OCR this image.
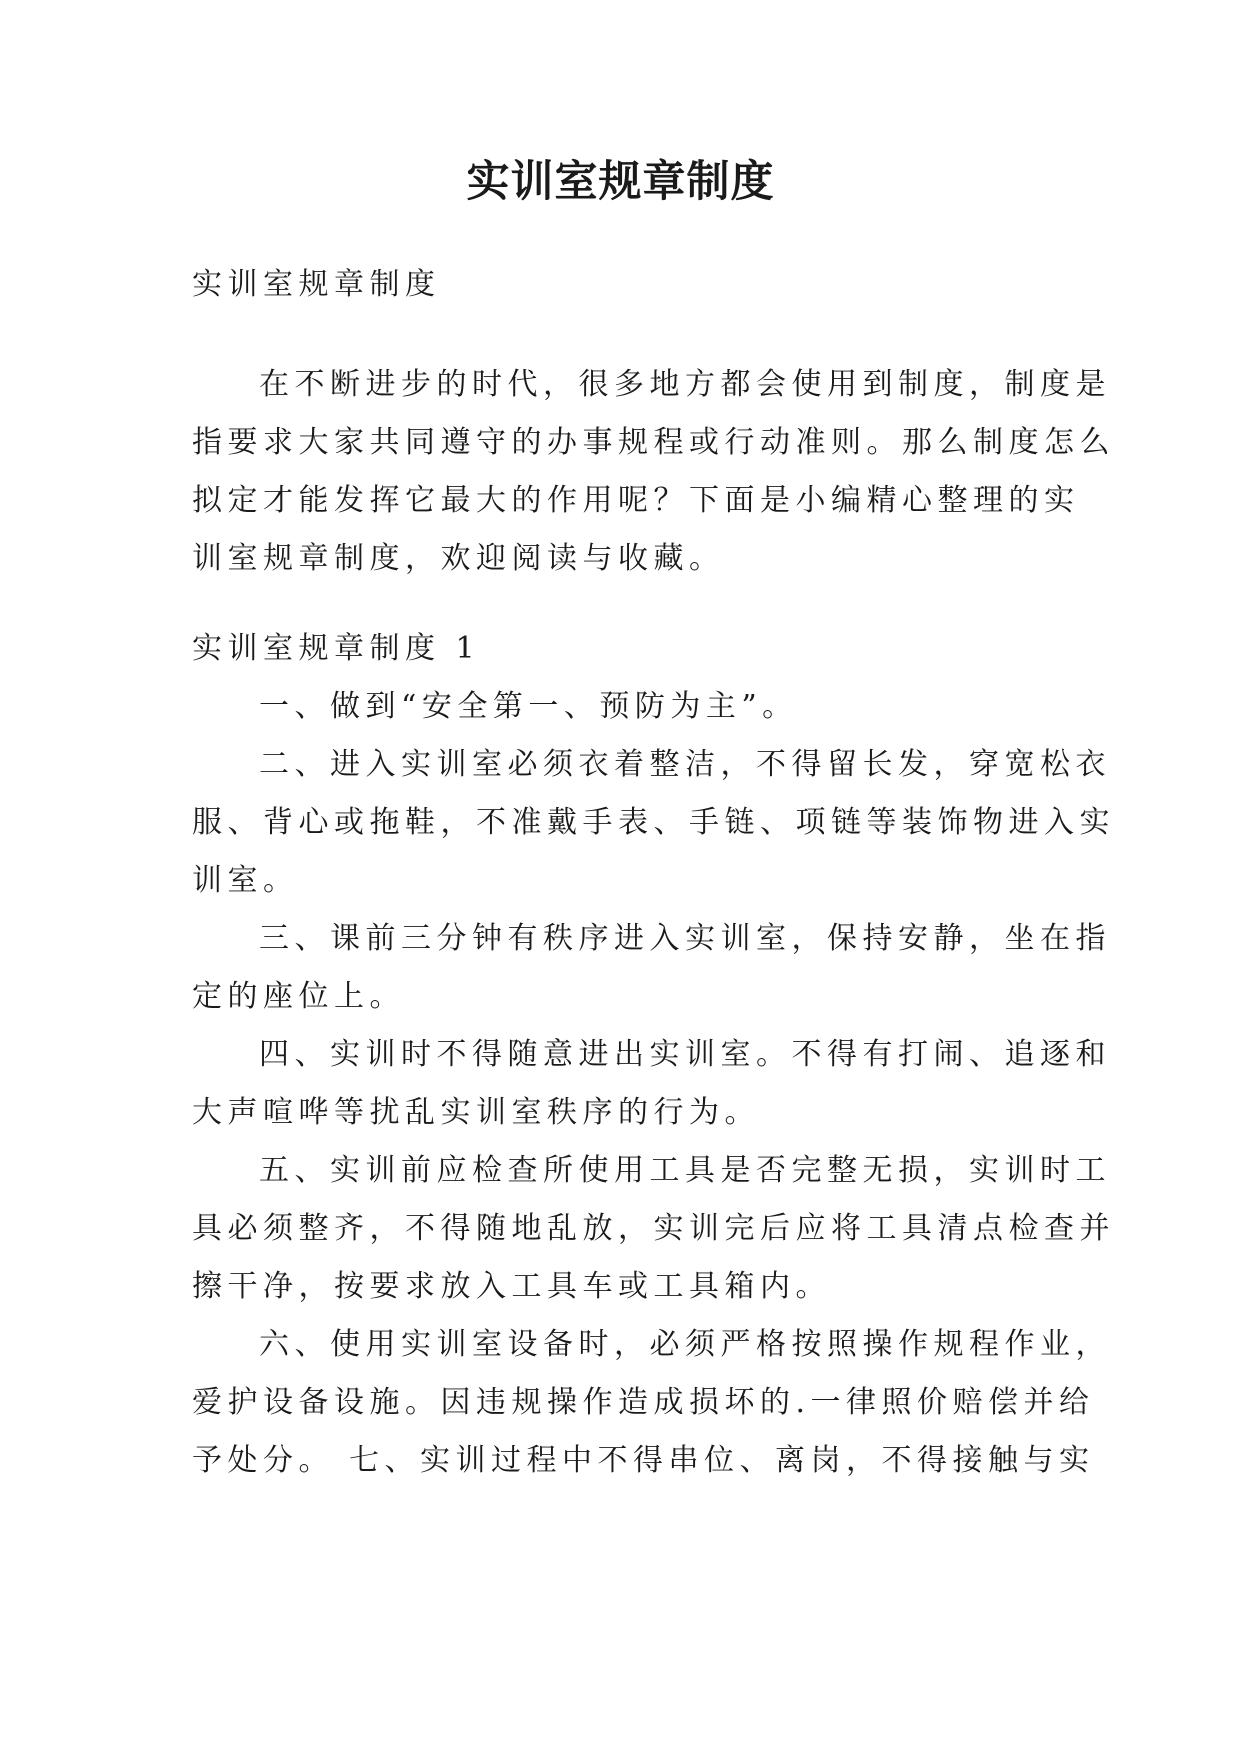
实训室规章制度
实训室规章制度
在不断进步的时代，很多地方都会使用到制度，制度是
指要求大家共同遵守的办事规程或行动准则。那么制度怎么
拟定才能发挥它最大的作用呢？下面是小编精心整理的实
训室规章制度，欢迎阅读与收藏。
实训室规章制度 1
一、做到“安全第一、预防为主”。
二、进入实训室必须衣着整洁，不得留长发，穿宽松衣
服、背心或拖鞋，不准戴手表、手链、项链等装饰物进入实
训室。
三、课前三分钟有秩序进入实训室，保持安静，坐在指
定的座位上。
四、实训时不得随意进出实训室。不得有打闹、追逐和
大声喧哗等扰乱实训室秩序的行为。
五、实训前应检查所使用工具是否完整无损，实训时工
具必须整齐，不得随地乱放，实训完后应将工具清点检查并
擦干净，按要求放入工具车或工具箱内。
六、使用实训室设备时，必须严格按照操作规程作业，
爱护设备设施。因违规操作造成损坏的.一律照价赔偿并给
予处分。 七、实训过程中不得串位、离岗，不得接触与实
